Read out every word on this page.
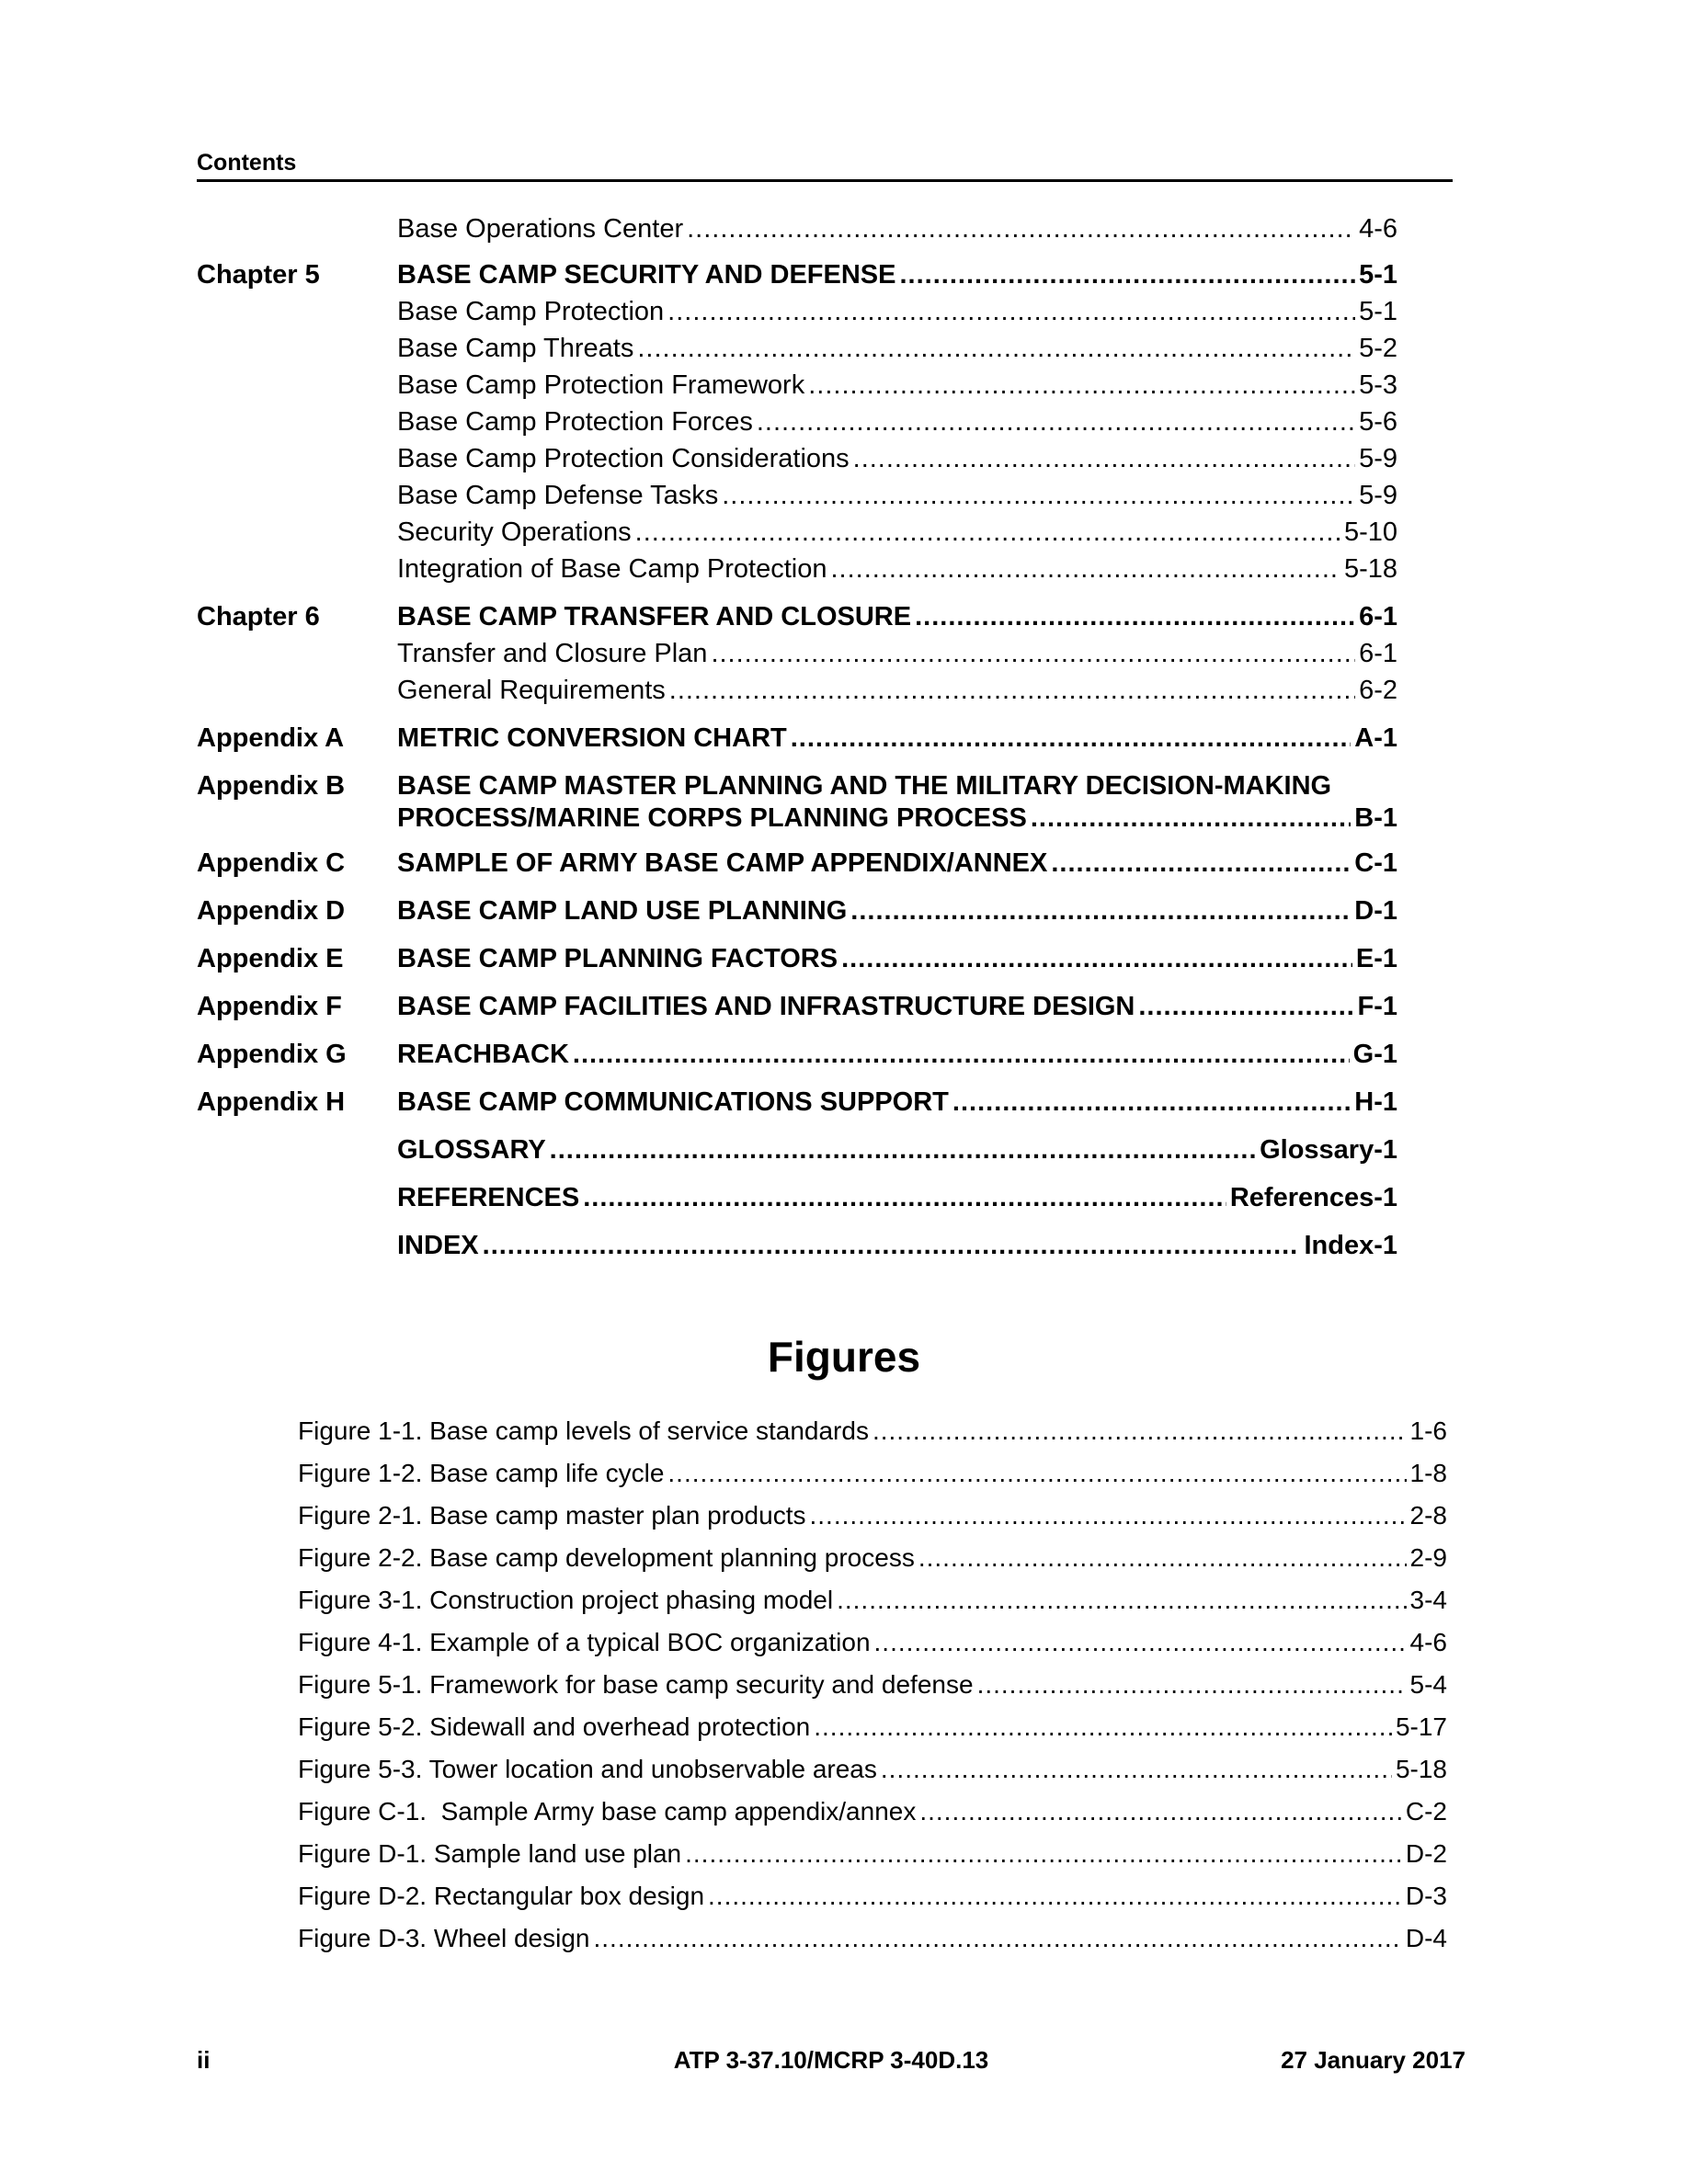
Contents
Base Operations Center .....	4-6
Chapter 5	BASE CAMP SECURITY AND DEFENSE .....	5-1
Base Camp Protection .....	5-1
Base Camp Threats .....	5-2
Base Camp Protection Framework .....	5-3
Base Camp Protection Forces .....	5-6
Base Camp Protection Considerations .....	5-9
Base Camp Defense Tasks .....	5-9
Security Operations .....	5-10
Integration of Base Camp Protection .....	5-18
Chapter 6	BASE CAMP TRANSFER AND CLOSURE .....	6-1
Transfer and Closure Plan .....	6-1
General Requirements .....	6-2
Appendix A	METRIC CONVERSION CHART .....	A-1
Appendix B	BASE CAMP MASTER PLANNING AND THE MILITARY DECISION-MAKING
PROCESS/MARINE CORPS PLANNING PROCESS .....	B-1
Appendix C	SAMPLE OF ARMY BASE CAMP APPENDIX/ANNEX .....	C-1
Appendix D	BASE CAMP LAND USE PLANNING .....	D-1
Appendix E	BASE CAMP PLANNING FACTORS .....	E-1
Appendix F	BASE CAMP FACILITIES AND INFRASTRUCTURE DESIGN .....	F-1
Appendix G	REACHBACK .....	G-1
Appendix H	BASE CAMP COMMUNICATIONS SUPPORT .....	H-1
GLOSSARY .....	Glossary-1
REFERENCES .....	References-1
INDEX .....	Index-1
Figures
Figure 1-1. Base camp levels of service standards .....	1-6
Figure 1-2. Base camp life cycle .....	1-8
Figure 2-1. Base camp master plan products .....	2-8
Figure 2-2. Base camp development planning process .....	2-9
Figure 3-1. Construction project phasing model .....	3-4
Figure 4-1. Example of a typical BOC organization .....	4-6
Figure 5-1. Framework for base camp security and defense .....	5-4
Figure 5-2. Sidewall and overhead protection .....	5-17
Figure 5-3. Tower location and unobservable areas .....	5-18
Figure C-1.  Sample Army base camp appendix/annex .....	C-2
Figure D-1. Sample land use plan .....	D-2
Figure D-2. Rectangular box design .....	D-3
Figure D-3. Wheel design .....	D-4
ii	ATP 3-37.10/MCRP 3-40D.13	27 January 2017
